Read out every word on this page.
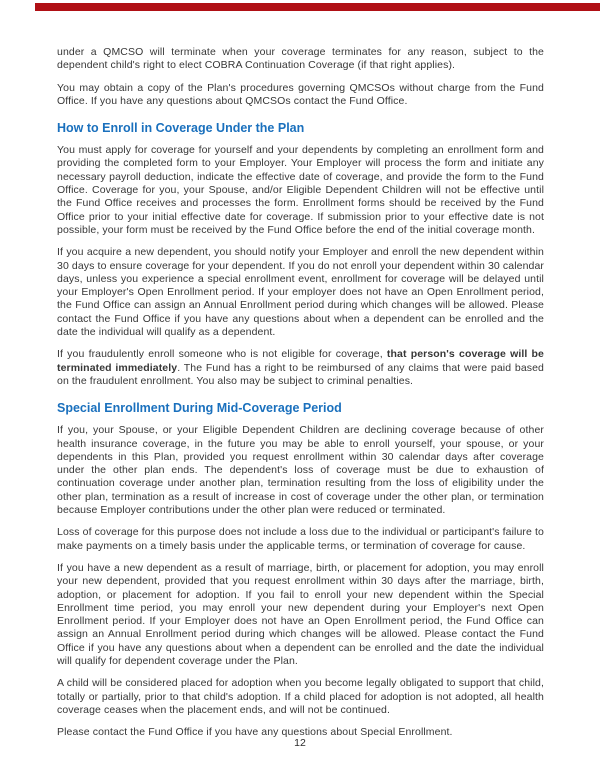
under a QMCSO will terminate when your coverage terminates for any reason, subject to the dependent child's right to elect COBRA Continuation Coverage (if that right applies).

You may obtain a copy of the Plan's procedures governing QMCSOs without charge from the Fund Office. If you have any questions about QMCSOs contact the Fund Office.

How to Enroll in Coverage Under the Plan

You must apply for coverage for yourself and your dependents by completing an enrollment form and providing the completed form to your Employer. Your Employer will process the form and initiate any necessary payroll deduction, indicate the effective date of coverage, and provide the form to the Fund Office. Coverage for you, your Spouse, and/or Eligible Dependent Children will not be effective until the Fund Office receives and processes the form. Enrollment forms should be received by the Fund Office prior to your initial effective date for coverage. If submission prior to your effective date is not possible, your form must be received by the Fund Office before the end of the initial coverage month.

If you acquire a new dependent, you should notify your Employer and enroll the new dependent within 30 days to ensure coverage for your dependent. If you do not enroll your dependent within 30 calendar days, unless you experience a special enrollment event, enrollment for coverage will be delayed until your Employer's Open Enrollment period. If your employer does not have an Open Enrollment period, the Fund Office can assign an Annual Enrollment period during which changes will be allowed. Please contact the Fund Office if you have any questions about when a dependent can be enrolled and the date the individual will qualify as a dependent.

If you fraudulently enroll someone who is not eligible for coverage, that person's coverage will be terminated immediately. The Fund has a right to be reimbursed of any claims that were paid based on the fraudulent enrollment. You also may be subject to criminal penalties.

Special Enrollment During Mid-Coverage Period

If you, your Spouse, or your Eligible Dependent Children are declining coverage because of other health insurance coverage, in the future you may be able to enroll yourself, your spouse, or your dependents in this Plan, provided you request enrollment within 30 calendar days after coverage under the other plan ends. The dependent's loss of coverage must be due to exhaustion of continuation coverage under another plan, termination resulting from the loss of eligibility under the other plan, termination as a result of increase in cost of coverage under the other plan, or termination because Employer contributions under the other plan were reduced or terminated.

Loss of coverage for this purpose does not include a loss due to the individual or participant's failure to make payments on a timely basis under the applicable terms, or termination of coverage for cause.

If you have a new dependent as a result of marriage, birth, or placement for adoption, you may enroll your new dependent, provided that you request enrollment within 30 days after the marriage, birth, adoption, or placement for adoption. If you fail to enroll your new dependent within the Special Enrollment time period, you may enroll your new dependent during your Employer's next Open Enrollment period. If your Employer does not have an Open Enrollment period, the Fund Office can assign an Annual Enrollment period during which changes will be allowed. Please contact the Fund Office if you have any questions about when a dependent can be enrolled and the date the individual will qualify for dependent coverage under the Plan.

A child will be considered placed for adoption when you become legally obligated to support that child, totally or partially, prior to that child's adoption. If a child placed for adoption is not adopted, all health coverage ceases when the placement ends, and will not be continued.

Please contact the Fund Office if you have any questions about Special Enrollment.

12
